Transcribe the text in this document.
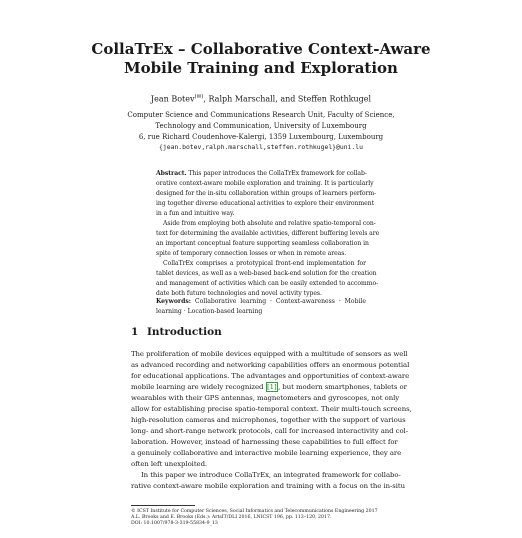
CollaTrEx – Collaborative Context-Aware
Mobile Training and Exploration
Jean Botev(✉), Ralph Marschall, and Steffen Rothkugel
Computer Science and Communications Research Unit, Faculty of Science,
Technology and Communication, University of Luxembourg
6, rue Richard Coudenhove-Kalergi, 1359 Luxembourg, Luxembourg
{jean.botev,ralph.marschall,steffen.rothkugel}@uni.lu
Abstract. This paper introduces the CollaTrEx framework for collab-
orative context-aware mobile exploration and training. It is particularly
designed for the in-situ collaboration within groups of learners perform-
ing together diverse educational activities to explore their environment
in a fun and intuitive way.
Aside from employing both absolute and relative spatio-temporal con-
text for determining the available activities, different buffering levels are
an important conceptual feature supporting seamless collaboration in
spite of temporary connection losses or when in remote areas.
CollaTrEx comprises a prototypical front-end implementation for
tablet devices, as well as a web-based back-end solution for the creation
and management of activities which can be easily extended to accommo-
date both future technologies and novel activity types.
Keywords: Collaborative learning · Context-awareness · Mobile
learning · Location-based learning
1 Introduction
The proliferation of mobile devices equipped with a multitude of sensors as well
as advanced recording and networking capabilities offers an enormous potential
for educational applications. The advantages and opportunities of context-aware
mobile learning are widely recognized [1] , but modern smartphones, tablets or
wearables with their GPS antennas, magnetometers and gyroscopes, not only
allow for establishing precise spatio-temporal context. Their multi-touch screens,
high-resolution cameras and microphones, together with the support of various
long- and short-range network protocols, call for increased interactivity and col-
laboration. However, instead of harnessing these capabilities to full effect for
a genuinely collaborative and interactive mobile learning experience, they are
often left unexploited.
In this paper we introduce CollaTrEx, an integrated framework for collabo-
rative context-aware mobile exploration and training with a focus on the in-situ
© ICST Institute for Computer Sciences, Social Informatics and Telecommunications Engineering 2017
A.L. Brooks and E. Brooks (Eds.): ArtsIT/DLI 2016, LNICST 196, pp. 113–120, 2017.
DOI: 10.1007/978-3-319-55834-9_13
